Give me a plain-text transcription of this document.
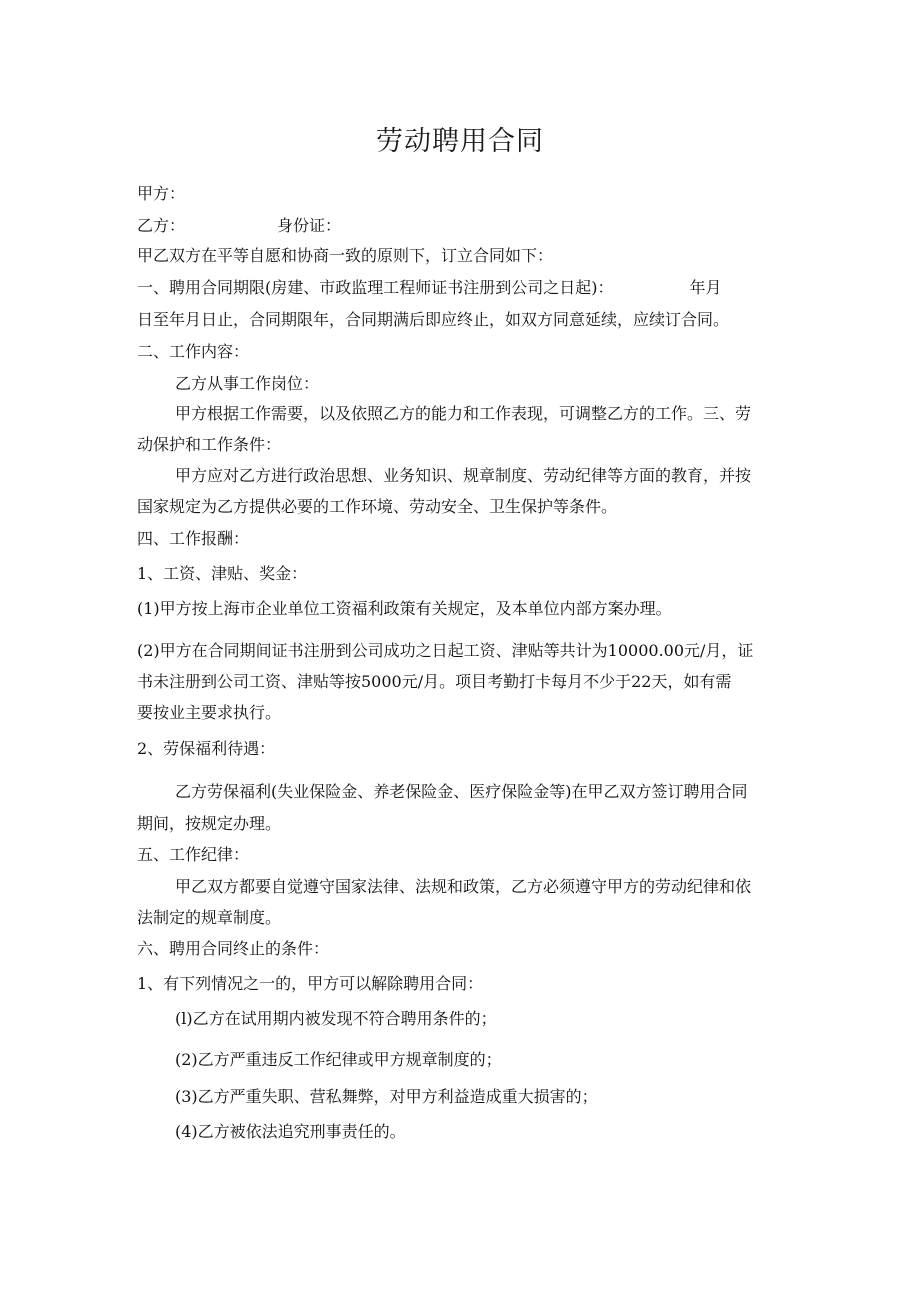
劳动聘用合同
甲方：
乙方：	身份证：
甲乙双方在平等自愿和协商一致的原则下，订立合同如下：
一、聘用合同期限(房建、市政监理工程师证书注册到公司之日起)：	年月
日至年月日止，合同期限年，合同期满后即应终止，如双方同意延续，应续订合同。
二、工作内容：
乙方从事工作岗位：
甲方根据工作需要，以及依照乙方的能力和工作表现，可调整乙方的工作。三、劳
动保护和工作条件：
甲方应对乙方进行政治思想、业务知识、规章制度、劳动纪律等方面的教育，并按
国家规定为乙方提供必要的工作环境、劳动安全、卫生保护等条件。
四、工作报酬：
1、工资、津贴、奖金：
(1)甲方按上海市企业单位工资福利政策有关规定，及本单位内部方案办理。
(2)甲方在合同期间证书注册到公司成功之日起工资、津贴等共计为10000.00元/月，证
书未注册到公司工资、津贴等按5000元/月。项目考勤打卡每月不少于22天，如有需
要按业主要求执行。
2、劳保福利待遇：
乙方劳保福利(失业保险金、养老保险金、医疗保险金等)在甲乙双方签订聘用合同
期间，按规定办理。
五、工作纪律：
甲乙双方都要自觉遵守国家法律、法规和政策，乙方必须遵守甲方的劳动纪律和依
法制定的规章制度。
六、聘用合同终止的条件：
1、有下列情况之一的，甲方可以解除聘用合同：
(l)乙方在试用期内被发现不符合聘用条件的；
(2)乙方严重违反工作纪律或甲方规章制度的；
(3)乙方严重失职、营私舞弊，对甲方利益造成重大损害的；
(4)乙方被依法追究刑事责任的。
